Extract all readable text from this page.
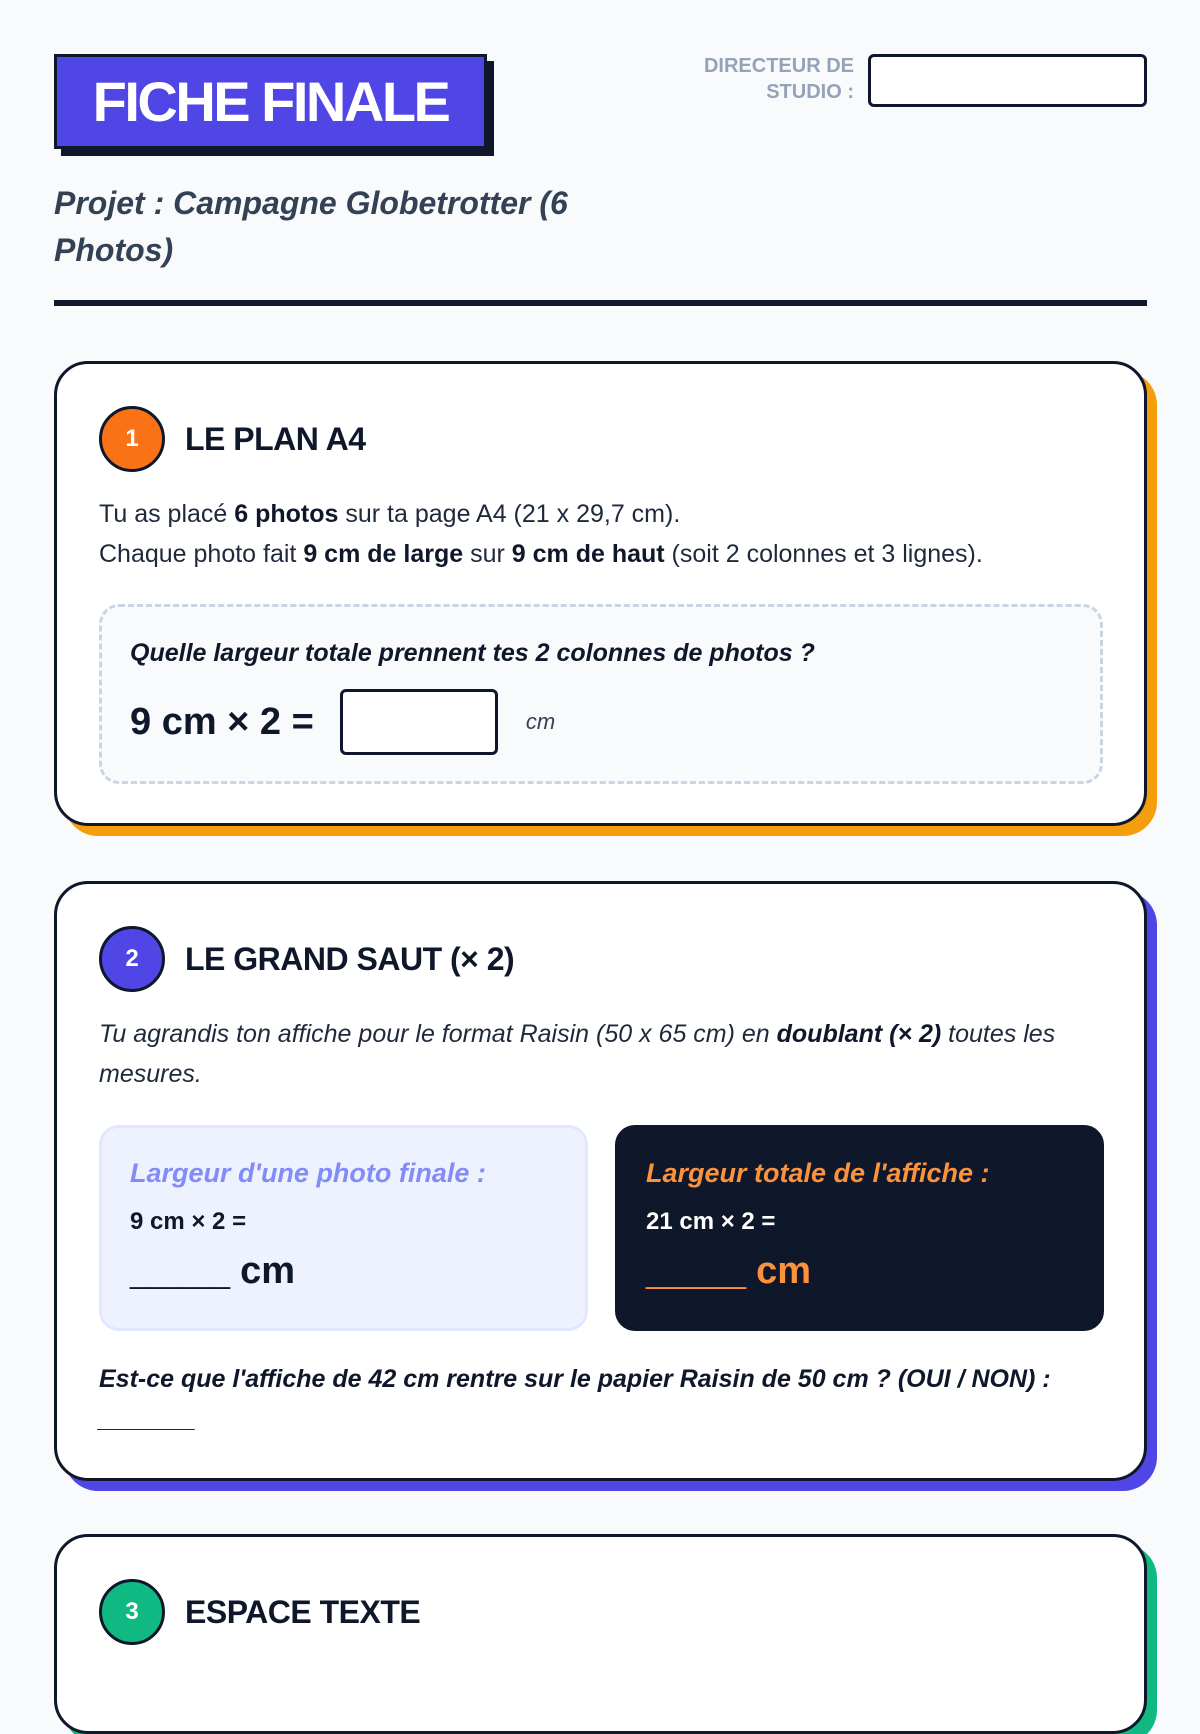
FICHE FINALE
DIRECTEUR DE STUDIO :
Projet : Campagne Globetrotter (6 Photos)
1	LE PLAN A4
Tu as placé 6 photos sur ta page A4 (21 x 29,7 cm).
Chaque photo fait 9 cm de large sur 9 cm de haut (soit 2 colonnes et 3 lignes).
Quelle largeur totale prennent tes 2 colonnes de photos ?
9 cm × 2 =	cm
2	LE GRAND SAUT (× 2)
Tu agrandis ton affiche pour le format Raisin (50 x 65 cm) en doublant (× 2) toutes les mesures.
Largeur d'une photo finale :
9 cm × 2 =
______ cm
Largeur totale de l'affiche :
21 cm × 2 =
______ cm
Est-ce que l'affiche de 42 cm rentre sur le papier Raisin de 50 cm ? (OUI / NON) : _______
3	ESPACE TEXTE
